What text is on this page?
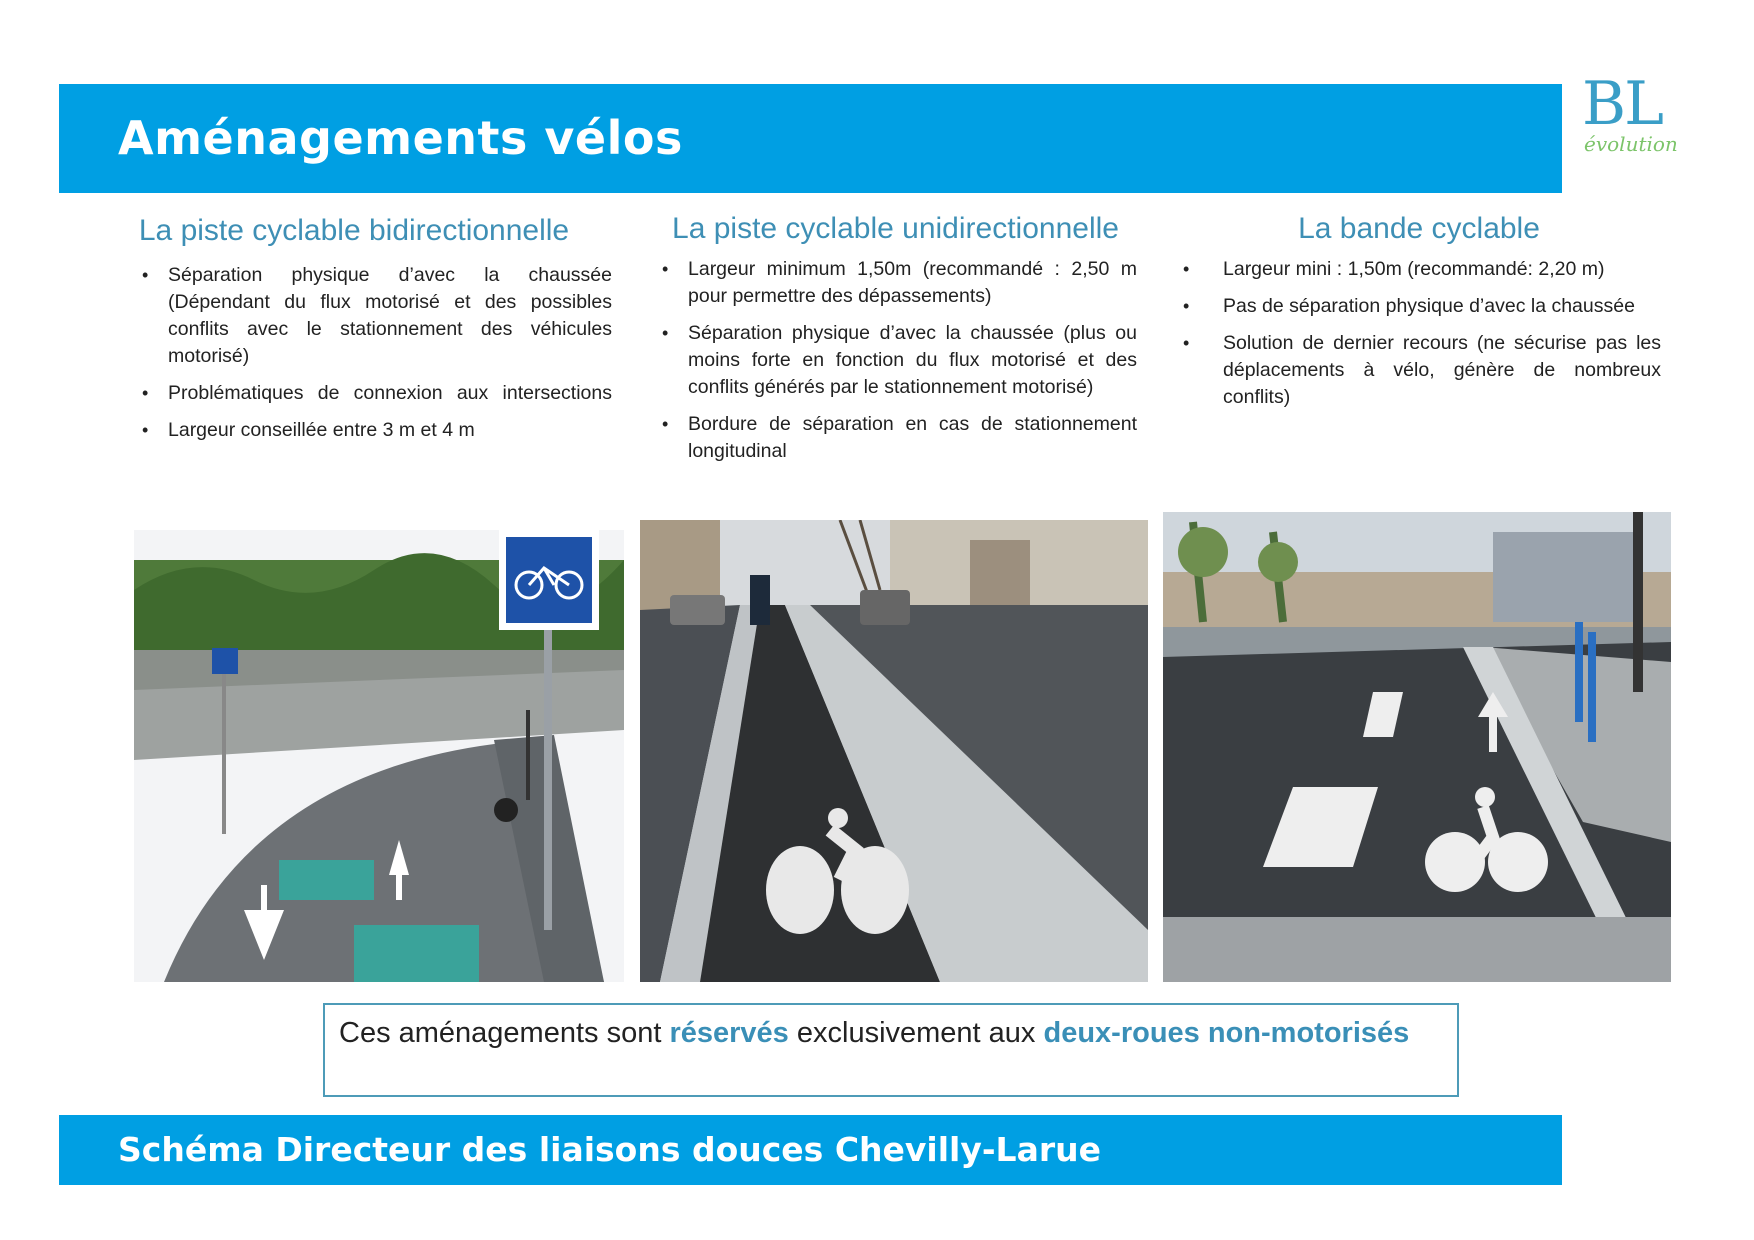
Aménagements vélos	BL
évolution
La piste cyclable bidirectionnelle
• Séparation physique d’avec la chaussée (Dépendant du flux motorisé et des possibles conflits avec le stationnement des véhicules motorisé)
• Problématiques de connexion aux intersections
• Largeur conseillée entre 3 m et 4 m
La piste cyclable unidirectionnelle
• Largeur minimum 1,50m (recommandé : 2,50 m pour permettre des dépassements)
• Séparation physique d’avec la chaussée (plus ou moins forte en fonction du flux motorisé et des conflits générés par le stationnement motorisé)
• Bordure de séparation en cas de stationnement longitudinal
La bande cyclable
• Largeur mini : 1,50m (recommandé: 2,20 m)
• Pas de séparation physique d’avec la chaussée
• Solution de dernier recours (ne sécurise pas les déplacements à vélo, génère de nombreux conflits)
Ces aménagements sont réservés exclusivement aux deux-roues non-motorisés
Schéma Directeur des liaisons douces Chevilly-Larue
